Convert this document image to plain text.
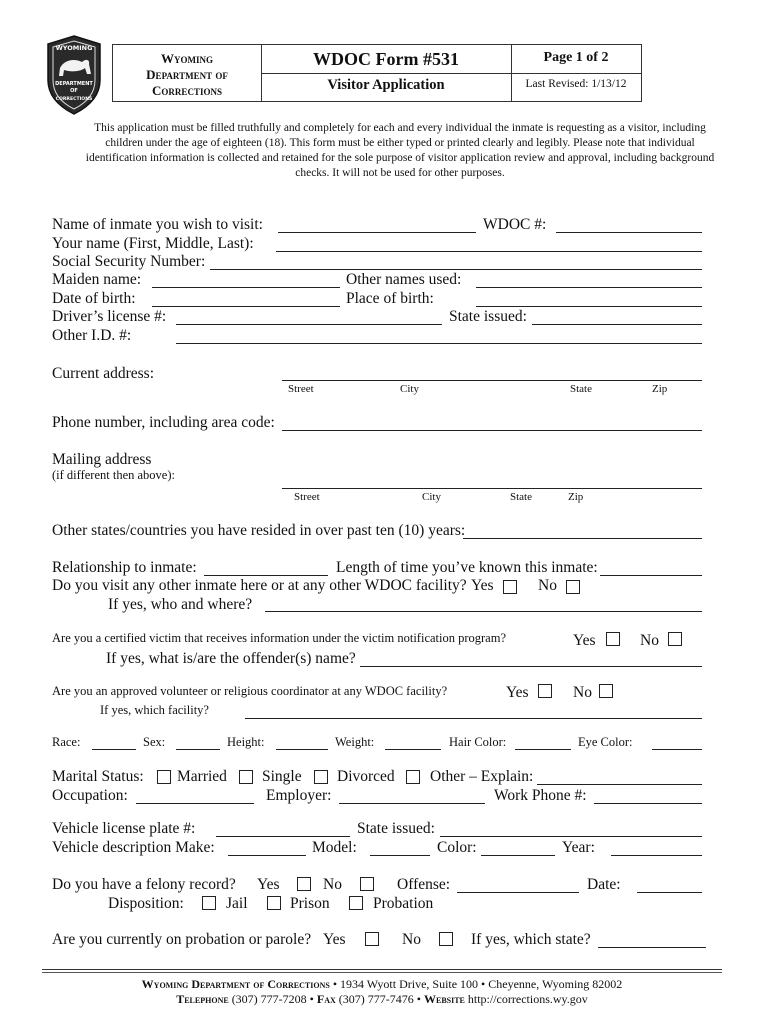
WYOMING
DEPARTMENT
OF
CORRECTIONS
Wyoming
Department of
Corrections
WDOC Form #531
Visitor Application
Page 1 of 2
Last Revised: 1/13/12
This application must be filled truthfully and completely for each and every individual the inmate is requesting as a visitor, including children under the age of eighteen (18). This form must be either typed or printed clearly and legibly. Please note that individual identification information is collected and retained for the sole purpose of visitor application review and approval, including background checks. It will not be used for other purposes.
Name of inmate you wish to visit:	WDOC #:
Your name (First, Middle, Last):
Social Security Number:
Maiden name:	Other names used:
Date of birth:	Place of birth:
Driver’s license #:	State issued:
Other I.D. #:
Current address:
Street	City	State	Zip
Phone number, including area code:
Mailing address
(if different then above):
Street	City	State	Zip
Other states/countries you have resided in over past ten (10) years:
Relationship to inmate:	Length of time you’ve known this inmate:
Do you visit any other inmate here or at any other WDOC facility? Yes	No
If yes, who and where?
Are you a certified victim that receives information under the victim notification program?	Yes	No
If yes, what is/are the offender(s) name?
Are you an approved volunteer or religious coordinator at any WDOC facility?	Yes	No
If yes, which facility?
Race:	Sex:	Height:	Weight:	Hair Color:	Eye Color:
Marital Status: Married Single Divorced Other – Explain:
Occupation:	Employer:	Work Phone #:
Vehicle license plate #:	State issued:
Vehicle description Make:	Model:	Color:	Year:
Do you have a felony record? Yes	No	Offense:	Date:
Disposition:	Jail	Prison	Probation
Are you currently on probation or parole? Yes	No	If yes, which state?
Wyoming Department of Corrections • 1934 Wyott Drive, Suite 100 • Cheyenne, Wyoming 82002
Telephone (307) 777-7208 • Fax (307) 777-7476 • Website http://corrections.wy.gov
